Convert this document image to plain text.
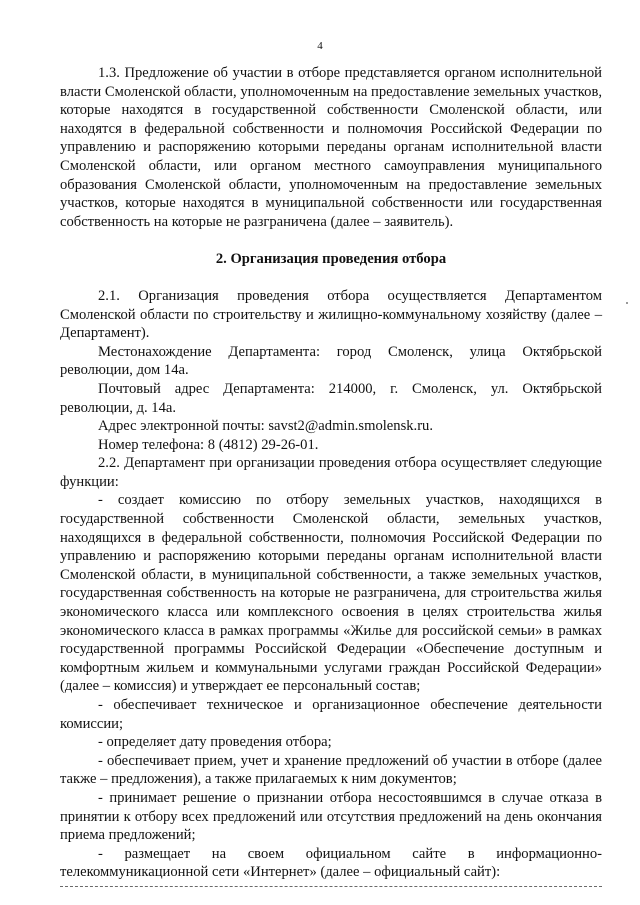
4

1.3. Предложение об участии в отборе представляется органом исполнительной власти Смоленской области, уполномоченным на предоставление земельных участков, которые находятся в государственной собственности Смоленской области, или находятся в федеральной собственности и полномочия Российской Федерации по управлению и распоряжению которыми переданы органам исполнительной власти Смоленской области, или органом местного самоуправления муниципального образования Смоленской области, уполномоченным на предоставление земельных участков, которые находятся в муниципальной собственности или государственная собственность на которые не разграничена (далее – заявитель).

2. Организация проведения отбора

2.1. Организация проведения отбора осуществляется Департаментом Смоленской области по строительству и жилищно-коммунальному хозяйству (далее – Департамент).

Местонахождение Департамента: город Смоленск, улица Октябрьской революции, дом 14а.

Почтовый адрес Департамента: 214000, г. Смоленск, ул. Октябрьской революции, д. 14а.

Адрес электронной почты: savst2@admin.smolensk.ru.

Номер телефона: 8 (4812) 29-26-01.

2.2. Департамент при организации проведения отбора осуществляет следующие функции:

- создает комиссию по отбору земельных участков, находящихся в государственной собственности Смоленской области, земельных участков, находящихся в федеральной собственности, полномочия Российской Федерации по управлению и распоряжению которыми переданы органам исполнительной власти Смоленской области, в муниципальной собственности, а также земельных участков, государственная собственность на которые не разграничена, для строительства жилья экономического класса или комплексного освоения в целях строительства жилья экономического класса в рамках программы «Жилье для российской семьи» в рамках государственной программы Российской Федерации «Обеспечение доступным и комфортным жильем и коммунальными услугами граждан Российской Федерации» (далее – комиссия) и утверждает ее персональный состав;

- обеспечивает техническое и организационное обеспечение деятельности комиссии;

- определяет дату проведения отбора;

- обеспечивает прием, учет и хранение предложений об участии в отборе (далее также – предложения), а также прилагаемых к ним документов;

- принимает решение о признании отбора несостоявшимся в случае отказа в принятии к отбору всех предложений или отсутствия предложений на день окончания приема предложений;

- размещает на своем официальном сайте в информационно-телекоммуникационной сети «Интернет» (далее – официальный сайт):
